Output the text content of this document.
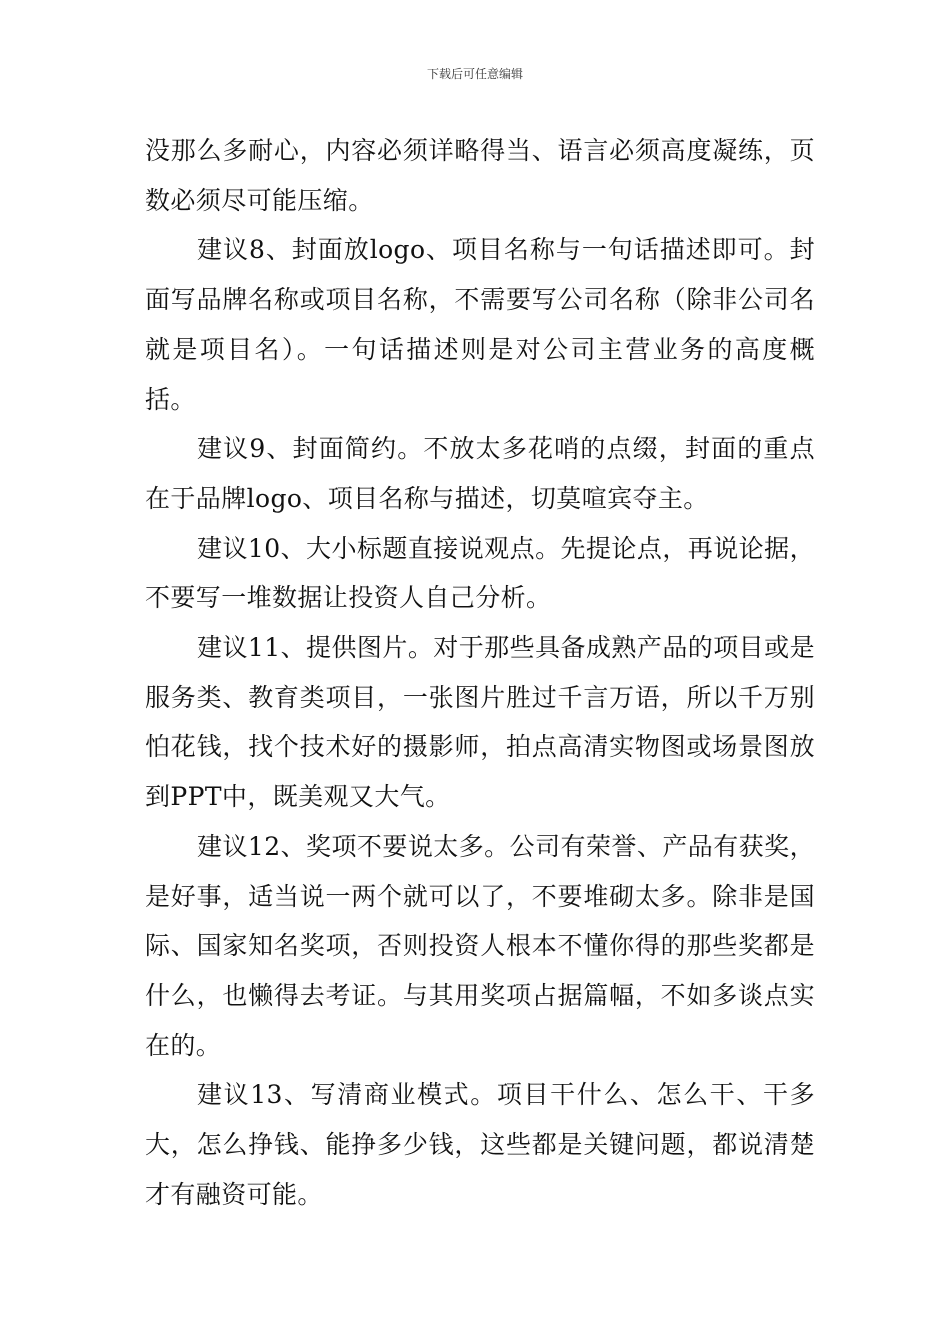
下载后可任意编辑

没那么多耐心，内容必须详略得当、语言必须高度凝练，页数必须尽可能压缩。

建议8、封面放logo、项目名称与一句话描述即可。封面写品牌名称或项目名称，不需要写公司名称（除非公司名就是项目名）。一句话描述则是对公司主营业务的高度概括。

建议9、封面简约。不放太多花哨的点缀，封面的重点在于品牌logo、项目名称与描述，切莫喧宾夺主。

建议10、大小标题直接说观点。先提论点，再说论据，不要写一堆数据让投资人自己分析。

建议11、提供图片。对于那些具备成熟产品的项目或是服务类、教育类项目，一张图片胜过千言万语，所以千万别怕花钱，找个技术好的摄影师，拍点高清实物图或场景图放到PPT中，既美观又大气。

建议12、奖项不要说太多。公司有荣誉、产品有获奖，是好事，适当说一两个就可以了，不要堆砌太多。除非是国际、国家知名奖项，否则投资人根本不懂你得的那些奖都是什么，也懒得去考证。与其用奖项占据篇幅，不如多谈点实在的。

建议13、写清商业模式。项目干什么、怎么干、干多大，怎么挣钱、能挣多少钱，这些都是关键问题，都说清楚才有融资可能。
